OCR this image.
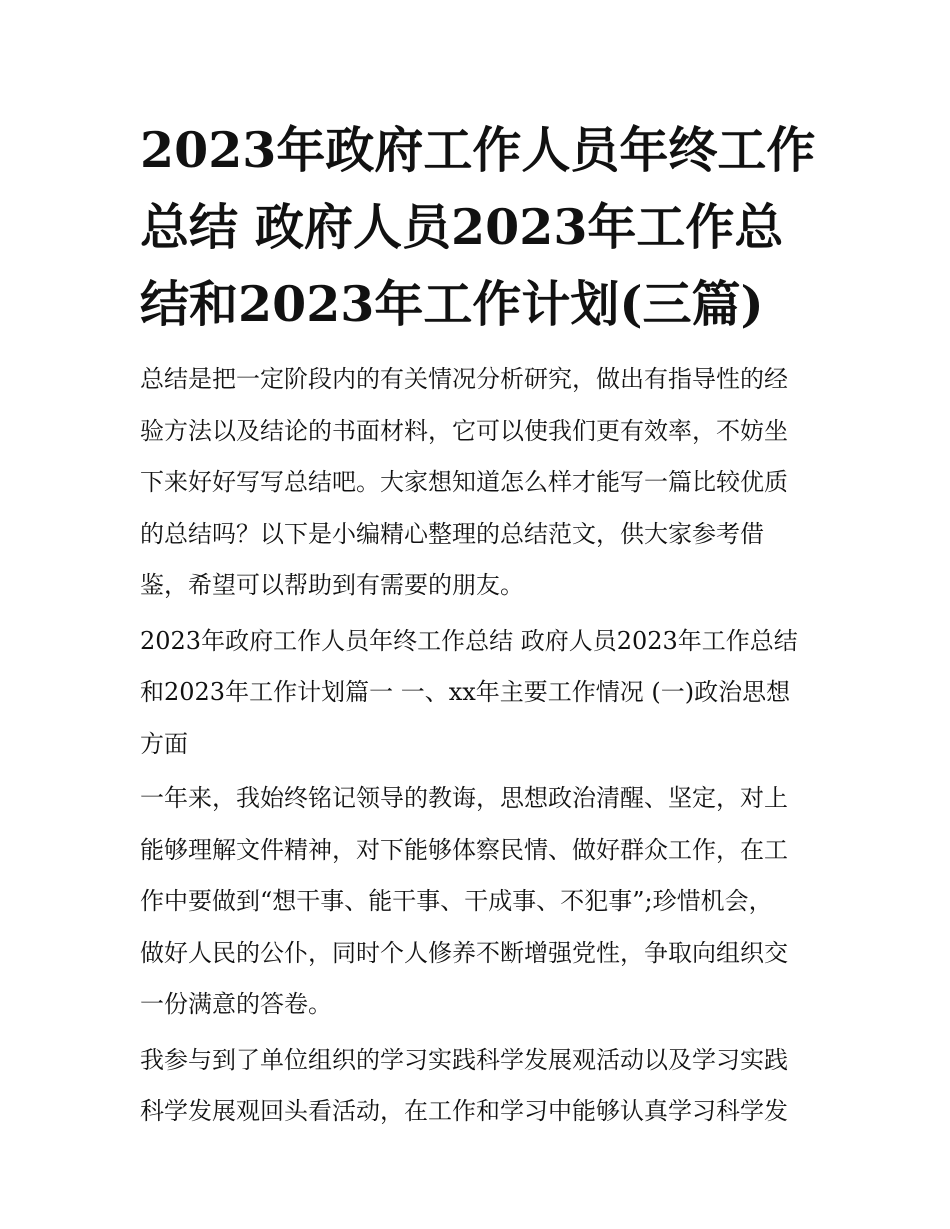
2023年政府工作人员年终工作
总结 政府人员2023年工作总
结和2023年工作计划(三篇)

总结是把一定阶段内的有关情况分析研究，做出有指导性的经
验方法以及结论的书面材料，它可以使我们更有效率，不妨坐
下来好好写写总结吧。大家想知道怎么样才能写一篇比较优质
的总结吗？以下是小编精心整理的总结范文，供大家参考借
鉴，希望可以帮助到有需要的朋友。

2023年政府工作人员年终工作总结 政府人员2023年工作总结
和2023年工作计划篇一 一、xx年主要工作情况 (一)政治思想
方面

一年来，我始终铭记领导的教诲，思想政治清醒、坚定，对上
能够理解文件精神，对下能够体察民情、做好群众工作，在工
作中要做到“想干事、能干事、干成事、不犯事”;珍惜机会，
做好人民的公仆，同时个人修养不断增强党性，争取向组织交
一份满意的答卷。

我参与到了单位组织的学习实践科学发展观活动以及学习实践
科学发展观回头看活动，在工作和学习中能够认真学习科学发
